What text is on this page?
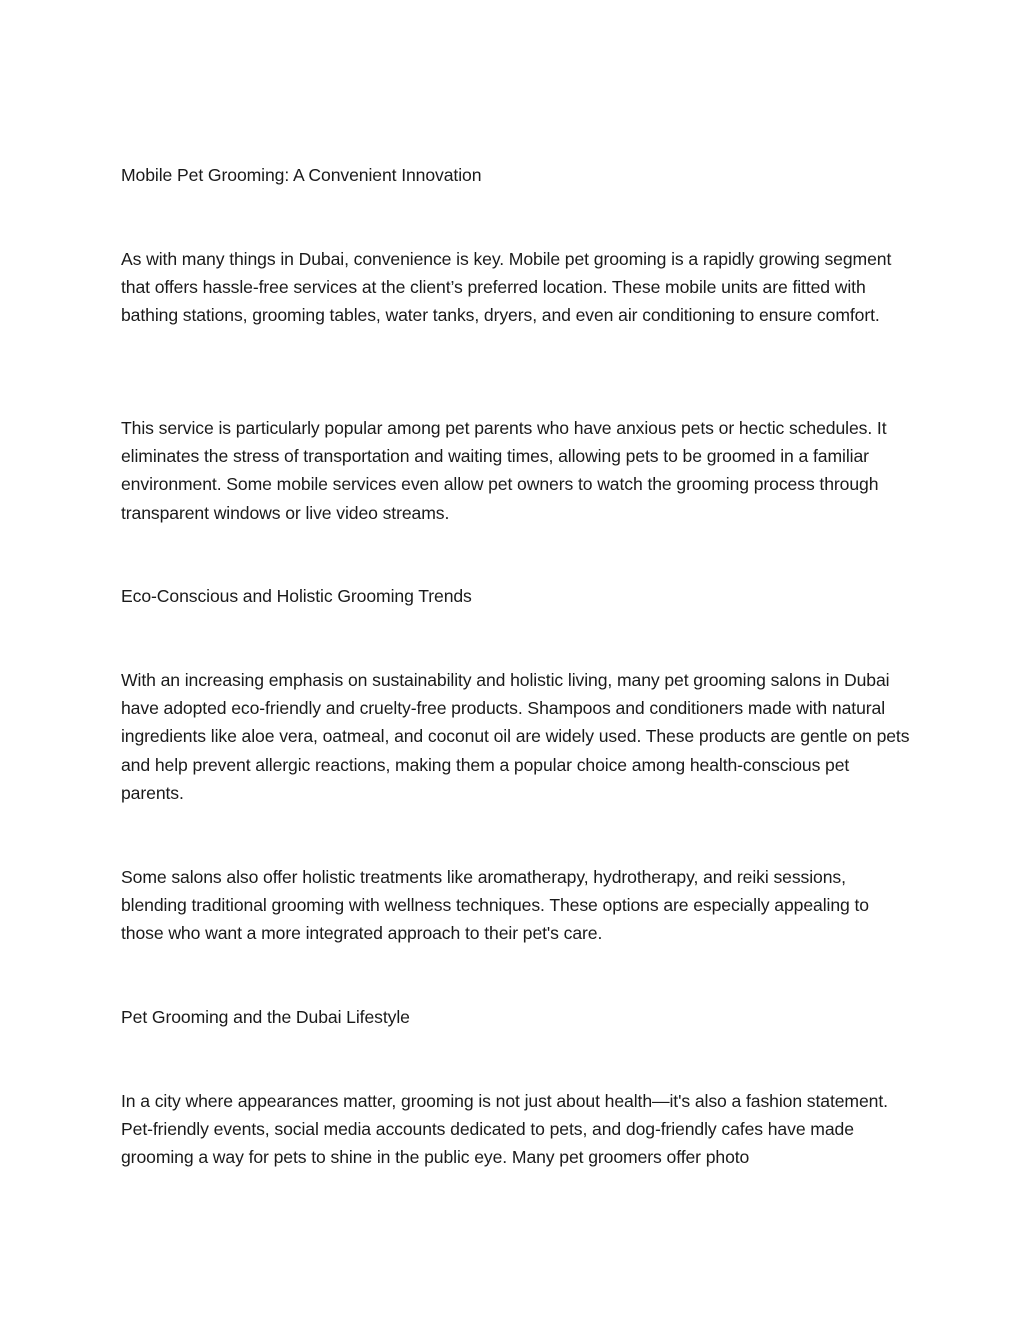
Mobile Pet Grooming: A Convenient Innovation

As with many things in Dubai, convenience is key. Mobile pet grooming is a rapidly growing segment that offers hassle-free services at the client’s preferred location. These mobile units are fitted with bathing stations, grooming tables, water tanks, dryers, and even air conditioning to ensure comfort.

This service is particularly popular among pet parents who have anxious pets or hectic schedules. It eliminates the stress of transportation and waiting times, allowing pets to be groomed in a familiar environment. Some mobile services even allow pet owners to watch the grooming process through transparent windows or live video streams.

Eco-Conscious and Holistic Grooming Trends

With an increasing emphasis on sustainability and holistic living, many pet grooming salons in Dubai have adopted eco-friendly and cruelty-free products. Shampoos and conditioners made with natural ingredients like aloe vera, oatmeal, and coconut oil are widely used. These products are gentle on pets and help prevent allergic reactions, making them a popular choice among health-conscious pet parents.

Some salons also offer holistic treatments like aromatherapy, hydrotherapy, and reiki sessions, blending traditional grooming with wellness techniques. These options are especially appealing to those who want a more integrated approach to their pet's care.

Pet Grooming and the Dubai Lifestyle

In a city where appearances matter, grooming is not just about health—it's also a fashion statement. Pet-friendly events, social media accounts dedicated to pets, and dog-friendly cafes have made grooming a way for pets to shine in the public eye. Many pet groomers offer photo
